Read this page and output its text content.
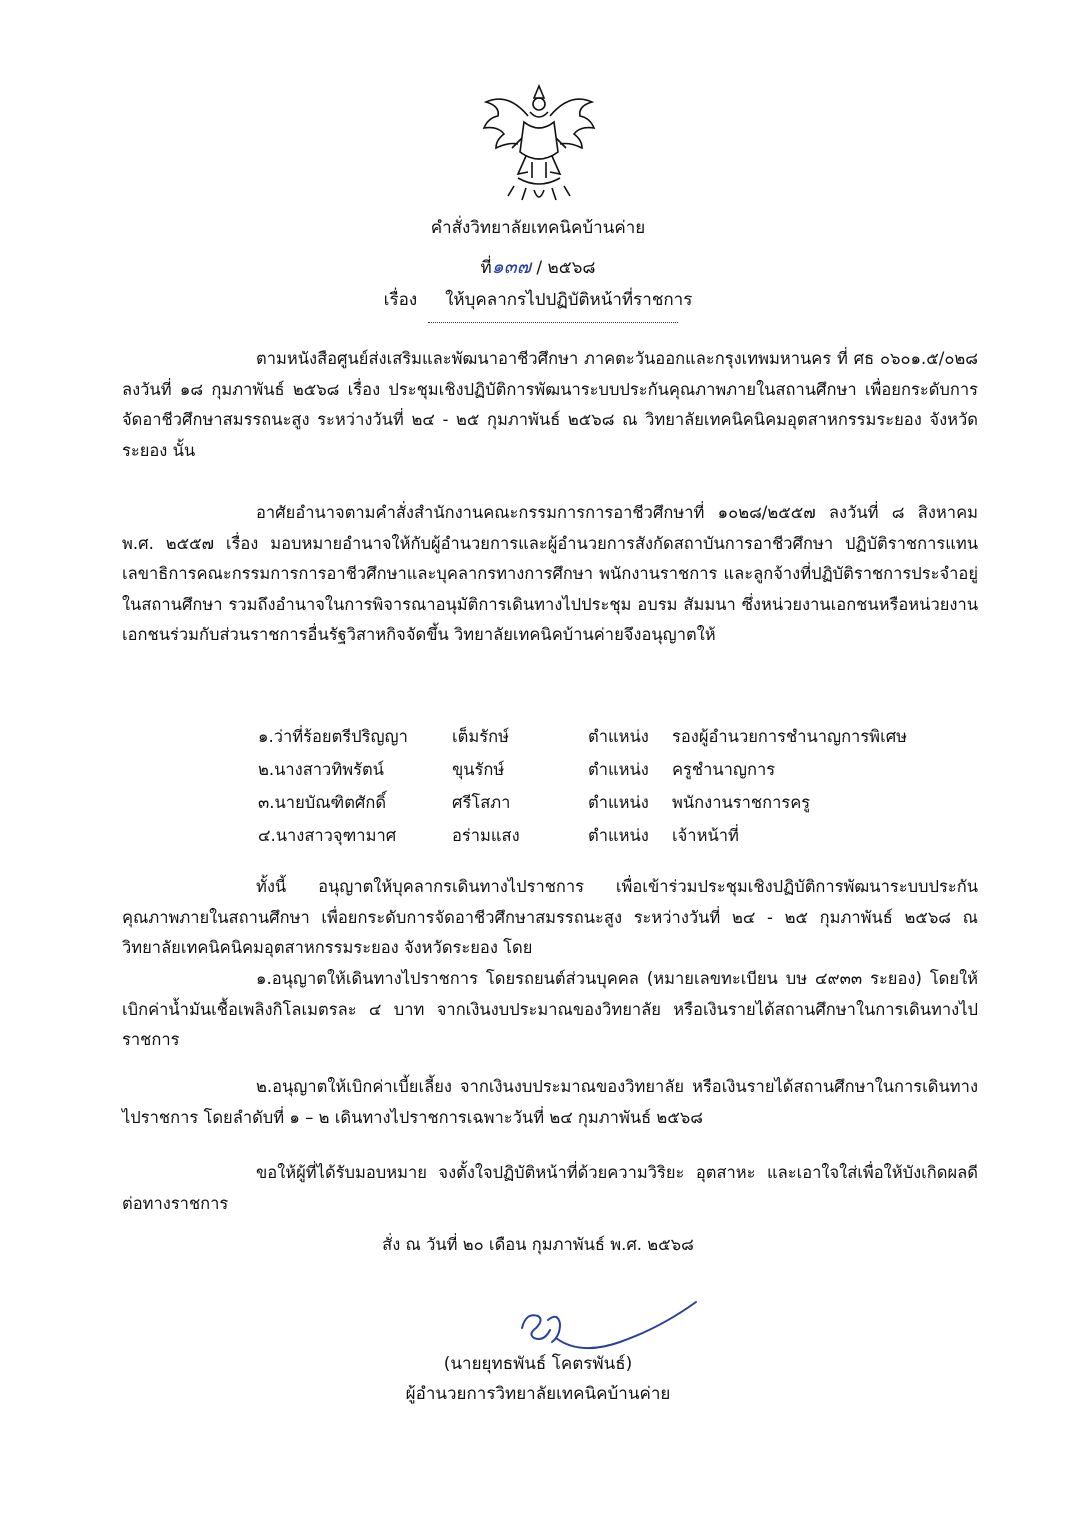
คำสั่งวิทยาลัยเทคนิคบ้านค่าย
ที่๑๓๗ / ๒๕๖๘
เรื่อง ให้บุคลากรไปปฏิบัติหน้าที่ราชการ

ตามหนังสือศูนย์ส่งเสริมและพัฒนาอาชีวศึกษา ภาคตะวันออกและกรุงเทพมหานคร ที่ ศธ ๐๖๐๑.๕/๐๒๘ ลงวันที่ ๑๘ กุมภาพันธ์ ๒๕๖๘ เรื่อง ประชุมเชิงปฏิบัติการพัฒนาระบบประกันคุณภาพภายในสถานศึกษา เพื่อยกระดับการจัดอาชีวศึกษาสมรรถนะสูง ระหว่างวันที่ ๒๔ - ๒๕ กุมภาพันธ์ ๒๕๖๘ ณ วิทยาลัยเทคนิคนิคมอุตสาหกรรมระยอง จังหวัดระยอง นั้น

อาศัยอำนาจตามคำสั่งสำนักงานคณะกรรมการการอาชีวศึกษาที่ ๑๐๒๘/๒๕๕๗ ลงวันที่ ๘ สิงหาคม พ.ศ. ๒๕๕๗ เรื่อง มอบหมายอำนาจให้กับผู้อำนวยการและผู้อำนวยการสังกัดสถาบันการอาชีวศึกษา ปฏิบัติราชการแทนเลขาธิการคณะกรรมการการอาชีวศึกษาและบุคลากรทางการศึกษา พนักงานราชการ และลูกจ้างที่ปฏิบัติราชการประจำอยู่ในสถานศึกษา รวมถึงอำนาจในการพิจารณาอนุมัติการเดินทางไปประชุม อบรม สัมมนา ซึ่งหน่วยงานเอกชนหรือหน่วยงานเอกชนร่วมกับส่วนราชการอื่นรัฐวิสาหกิจจัดขึ้น วิทยาลัยเทคนิคบ้านค่ายจึงอนุญาตให้

๑.ว่าที่ร้อยตรีปริญญา	เต็มรักษ์	ตำแหน่ง	รองผู้อำนวยการชำนาญการพิเศษ
๒.นางสาวทิพรัตน์	ขุนรักษ์	ตำแหน่ง	ครูชำนาญการ
๓.นายบัณฑิตศักดิ์	ศรีโสภา	ตำแหน่ง	พนักงานราชการครู
๔.นางสาวจุฑามาศ	อร่ามแสง	ตำแหน่ง	เจ้าหน้าที่

ทั้งนี้ อนุญาตให้บุคลากรเดินทางไปราชการ เพื่อเข้าร่วมประชุมเชิงปฏิบัติการพัฒนาระบบประกันคุณภาพภายในสถานศึกษา เพื่อยกระดับการจัดอาชีวศึกษาสมรรถนะสูง ระหว่างวันที่ ๒๔ - ๒๕ กุมภาพันธ์ ๒๕๖๘ ณ วิทยาลัยเทคนิคนิคมอุตสาหกรรมระยอง จังหวัดระยอง โดย

๑.อนุญาตให้เดินทางไปราชการ โดยรถยนต์ส่วนบุคคล (หมายเลขทะเบียน บษ ๔๙๓๓ ระยอง) โดยให้เบิกค่าน้ำมันเชื้อเพลิงกิโลเมตรละ ๔ บาท จากเงินงบประมาณของวิทยาลัย หรือเงินรายได้สถานศึกษาในการเดินทางไปราชการ

๒.อนุญาตให้เบิกค่าเบี้ยเลี้ยง จากเงินงบประมาณของวิทยาลัย หรือเงินรายได้สถานศึกษาในการเดินทางไปราชการ โดยลำดับที่ ๑ – ๒ เดินทางไปราชการเฉพาะวันที่ ๒๔ กุมภาพันธ์ ๒๕๖๘

ขอให้ผู้ที่ได้รับมอบหมาย จงตั้งใจปฏิบัติหน้าที่ด้วยความวิริยะ อุตสาหะ และเอาใจใส่เพื่อให้บังเกิดผลดีต่อทางราชการ

สั่ง ณ วันที่ ๒๐ เดือน กุมภาพันธ์ พ.ศ. ๒๕๖๘
(นายยุทธพันธ์ โคตรพันธ์)
ผู้อำนวยการวิทยาลัยเทคนิคบ้านค่าย
